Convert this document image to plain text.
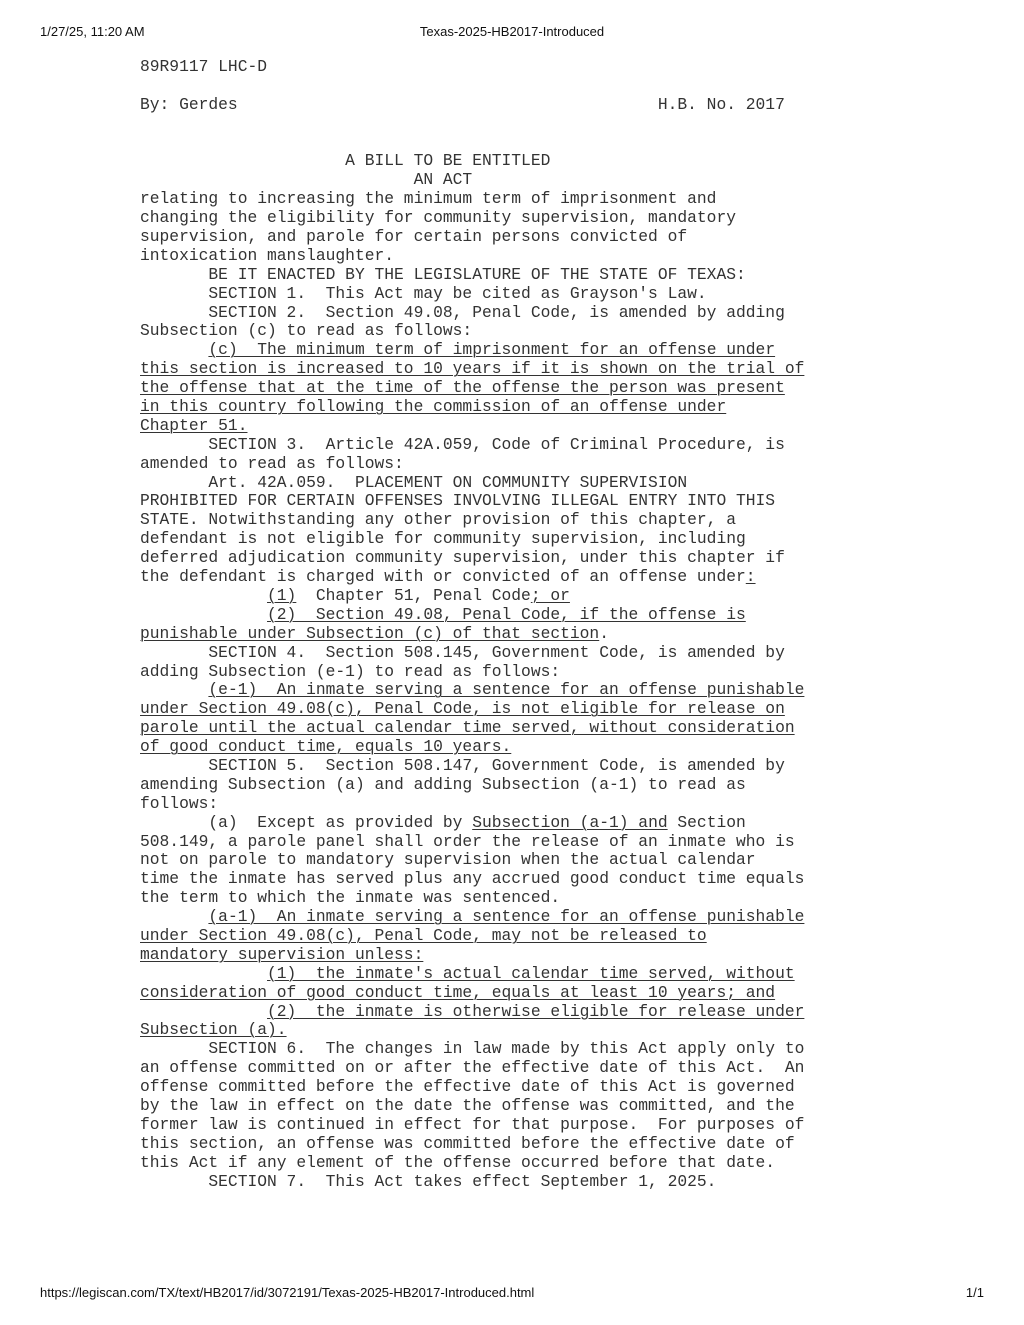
1/27/25, 11:20 AM	Texas-2025-HB2017-Introduced
89R9117 LHC-D
By: Gerdes                                           H.B. No. 2017
A BILL TO BE ENTITLED
AN ACT
relating to increasing the minimum term of imprisonment and
changing the eligibility for community supervision, mandatory
supervision, and parole for certain persons convicted of
intoxication manslaughter.
BE IT ENACTED BY THE LEGISLATURE OF THE STATE OF TEXAS:
SECTION 1.  This Act may be cited as Grayson's Law.
SECTION 2.  Section 49.08, Penal Code, is amended by adding
Subsection (c) to read as follows:
(c)  The minimum term of imprisonment for an offense under
this section is increased to 10 years if it is shown on the trial of
the offense that at the time of the offense the person was present
in this country following the commission of an offense under
Chapter 51.
SECTION 3.  Article 42A.059, Code of Criminal Procedure, is
amended to read as follows:
Art. 42A.059.  PLACEMENT ON COMMUNITY SUPERVISION
PROHIBITED FOR CERTAIN OFFENSES INVOLVING ILLEGAL ENTRY INTO THIS
STATE. Notwithstanding any other provision of this chapter, a
defendant is not eligible for community supervision, including
deferred adjudication community supervision, under this chapter if
the defendant is charged with or convicted of an offense under:
(1)  Chapter 51, Penal Code; or
(2)  Section 49.08, Penal Code, if the offense is
punishable under Subsection (c) of that section.
SECTION 4.  Section 508.145, Government Code, is amended by
adding Subsection (e-1) to read as follows:
(e-1)  An inmate serving a sentence for an offense punishable
under Section 49.08(c), Penal Code, is not eligible for release on
parole until the actual calendar time served, without consideration
of good conduct time, equals 10 years.
SECTION 5.  Section 508.147, Government Code, is amended by
amending Subsection (a) and adding Subsection (a-1) to read as
follows:
(a)  Except as provided by Subsection (a-1) and Section
508.149, a parole panel shall order the release of an inmate who is
not on parole to mandatory supervision when the actual calendar
time the inmate has served plus any accrued good conduct time equals
the term to which the inmate was sentenced.
(a-1)  An inmate serving a sentence for an offense punishable
under Section 49.08(c), Penal Code, may not be released to
mandatory supervision unless:
(1)  the inmate's actual calendar time served, without
consideration of good conduct time, equals at least 10 years; and
(2)  the inmate is otherwise eligible for release under
Subsection (a).
SECTION 6.  The changes in law made by this Act apply only to
an offense committed on or after the effective date of this Act.  An
offense committed before the effective date of this Act is governed
by the law in effect on the date the offense was committed, and the
former law is continued in effect for that purpose.  For purposes of
this section, an offense was committed before the effective date of
this Act if any element of the offense occurred before that date.
SECTION 7.  This Act takes effect September 1, 2025.
https://legiscan.com/TX/text/HB2017/id/3072191/Texas-2025-HB2017-Introduced.html	1/1
